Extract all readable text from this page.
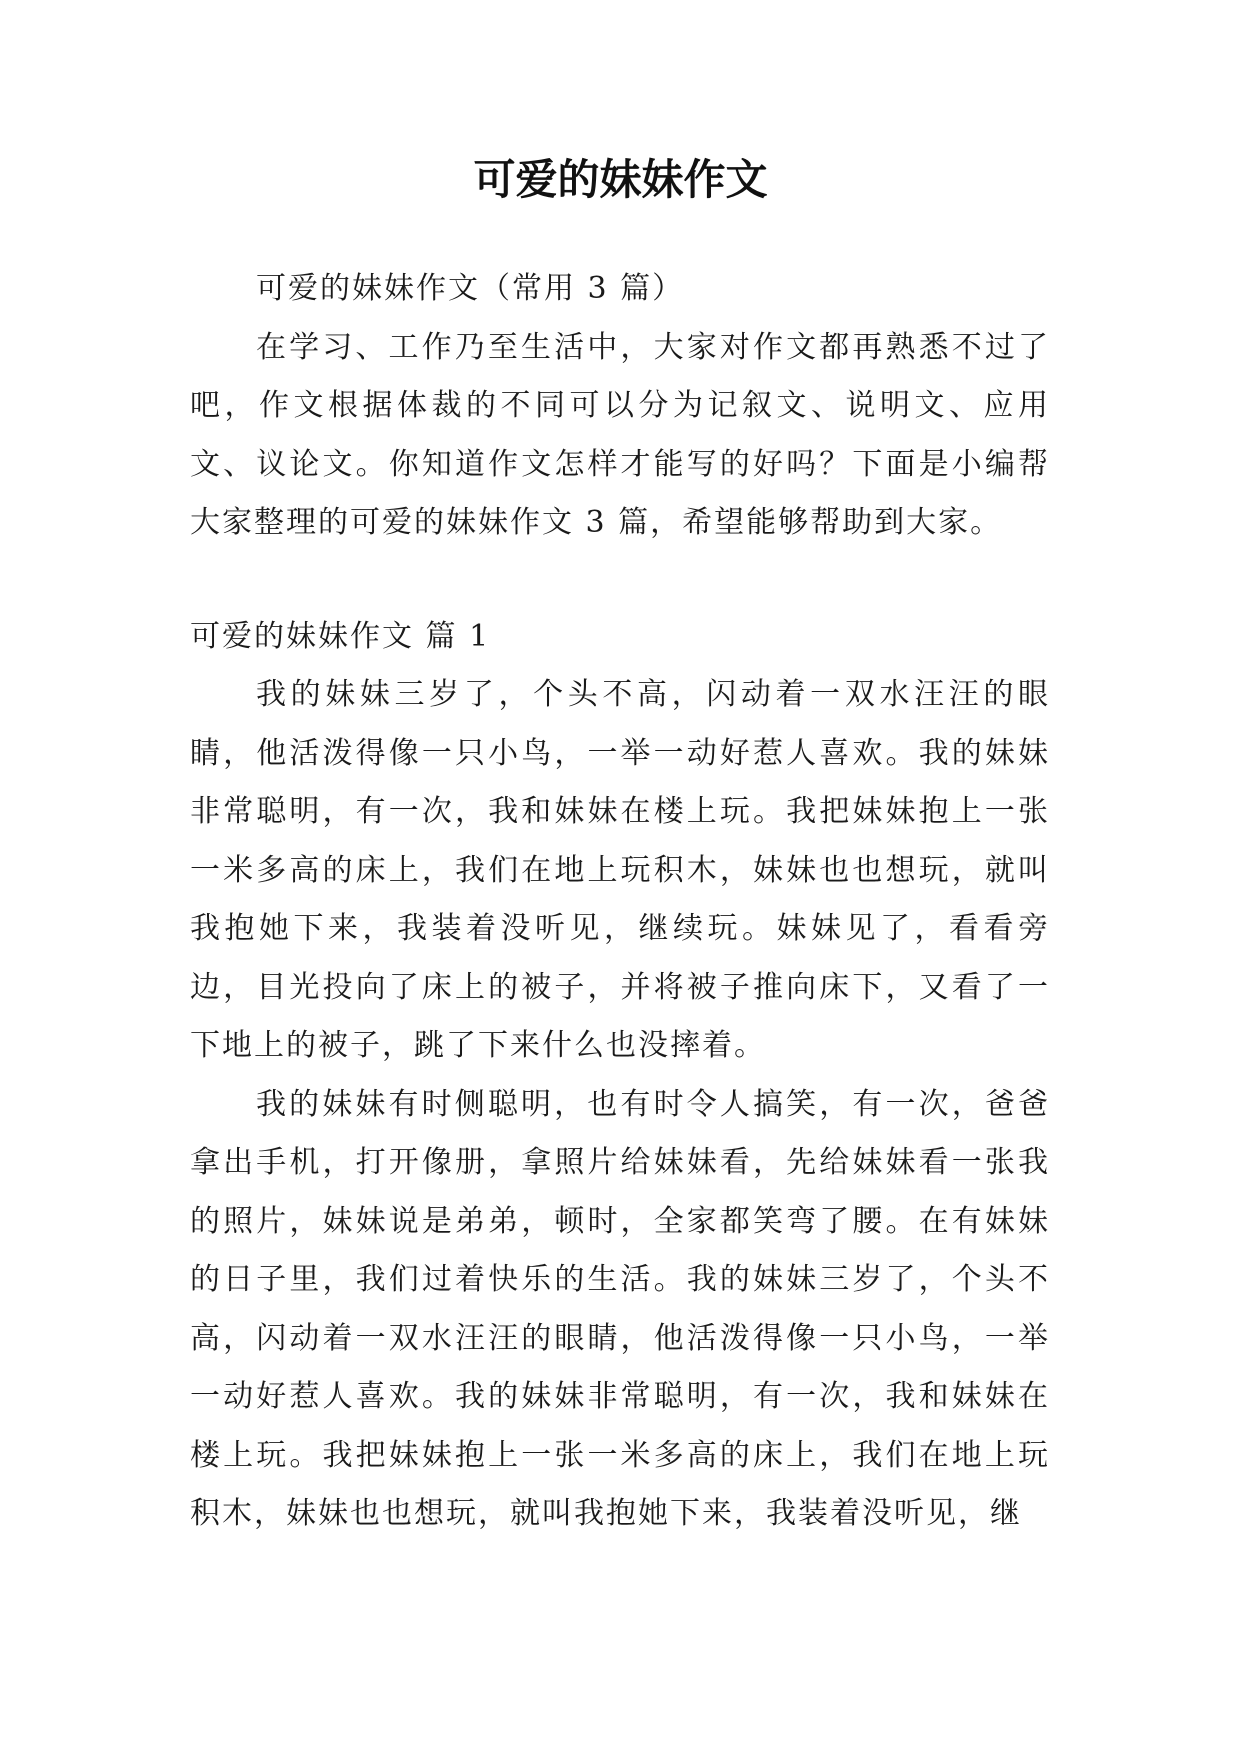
可爱的妹妹作文

可爱的妹妹作文（常用 3 篇）

在学习、工作乃至生活中，大家对作文都再熟悉不过了吧，作文根据体裁的不同可以分为记叙文、说明文、应用文、议论文。你知道作文怎样才能写的好吗？下面是小编帮大家整理的可爱的妹妹作文 3 篇，希望能够帮助到大家。

可爱的妹妹作文 篇 1

我的妹妹三岁了，个头不高，闪动着一双水汪汪的眼睛，他活泼得像一只小鸟，一举一动好惹人喜欢。我的妹妹非常聪明，有一次，我和妹妹在楼上玩。我把妹妹抱上一张一米多高的床上，我们在地上玩积木，妹妹也也想玩，就叫我抱她下来，我装着没听见，继续玩。妹妹见了，看看旁边，目光投向了床上的被子，并将被子推向床下，又看了一下地上的被子，跳了下来什么也没摔着。

我的妹妹有时侧聪明，也有时令人搞笑，有一次，爸爸拿出手机，打开像册，拿照片给妹妹看，先给妹妹看一张我的照片，妹妹说是弟弟，顿时，全家都笑弯了腰。在有妹妹的日子里，我们过着快乐的生活。我的妹妹三岁了，个头不高，闪动着一双水汪汪的眼睛，他活泼得像一只小鸟，一举一动好惹人喜欢。我的妹妹非常聪明，有一次，我和妹妹在楼上玩。我把妹妹抱上一张一米多高的床上，我们在地上玩积木，妹妹也也想玩，就叫我抱她下来，我装着没听见，继
